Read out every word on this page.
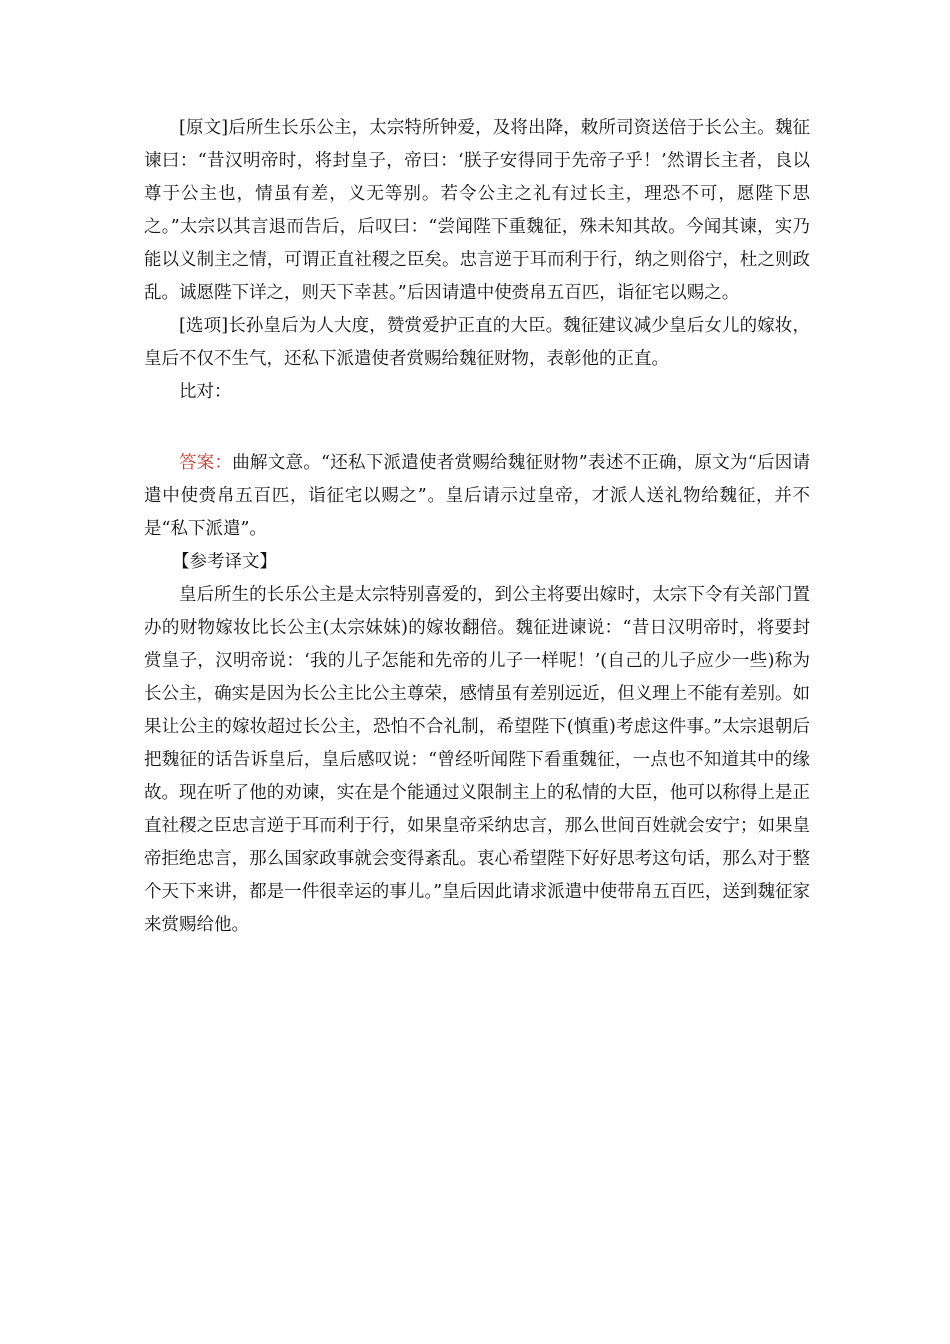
[原文]后所生长乐公主，太宗特所钟爱，及将出降，敕所司资送倍于长公主。魏征谏曰：“昔汉明帝时，将封皇子，帝曰：‘朕子安得同于先帝子乎！’然谓长主者，良以尊于公主也，情虽有差，义无等别。若令公主之礼有过长主，理恐不可，愿陛下思之。”太宗以其言退而告后，后叹曰：“尝闻陛下重魏征，殊未知其故。今闻其谏，实乃能以义制主之情，可谓正直社稷之臣矣。忠言逆于耳而利于行，纳之则俗宁，杜之则政乱。诚愿陛下详之，则天下幸甚。”后因请遣中使赍帛五百匹，诣征宅以赐之。

[选项]长孙皇后为人大度，赞赏爱护正直的大臣。魏征建议减少皇后女儿的嫁妆，皇后不仅不生气，还私下派遣使者赏赐给魏征财物，表彰他的正直。

比对：

答案：曲解文意。“还私下派遣使者赏赐给魏征财物”表述不正确，原文为“后因请遣中使赍帛五百匹，诣征宅以赐之”。皇后请示过皇帝，才派人送礼物给魏征，并不是“私下派遣”。

【参考译文】

皇后所生的长乐公主是太宗特别喜爱的，到公主将要出嫁时，太宗下令有关部门置办的财物嫁妆比长公主(太宗妹妹)的嫁妆翻倍。魏征进谏说：“昔日汉明帝时，将要封赏皇子，汉明帝说：‘我的儿子怎能和先帝的儿子一样呢！’(自己的儿子应少一些)称为长公主，确实是因为长公主比公主尊荣，感情虽有差别远近，但义理上不能有差别。如果让公主的嫁妆超过长公主，恐怕不合礼制，希望陛下(慎重)考虑这件事。”太宗退朝后把魏征的话告诉皇后，皇后感叹说：“曾经听闻陛下看重魏征，一点也不知道其中的缘故。现在听了他的劝谏，实在是个能通过义限制主上的私情的大臣，他可以称得上是正直社稷之臣忠言逆于耳而利于行，如果皇帝采纳忠言，那么世间百姓就会安宁；如果皇帝拒绝忠言，那么国家政事就会变得紊乱。衷心希望陛下好好思考这句话，那么对于整个天下来讲，都是一件很幸运的事儿。”皇后因此请求派遣中使带帛五百匹，送到魏征家来赏赐给他。
